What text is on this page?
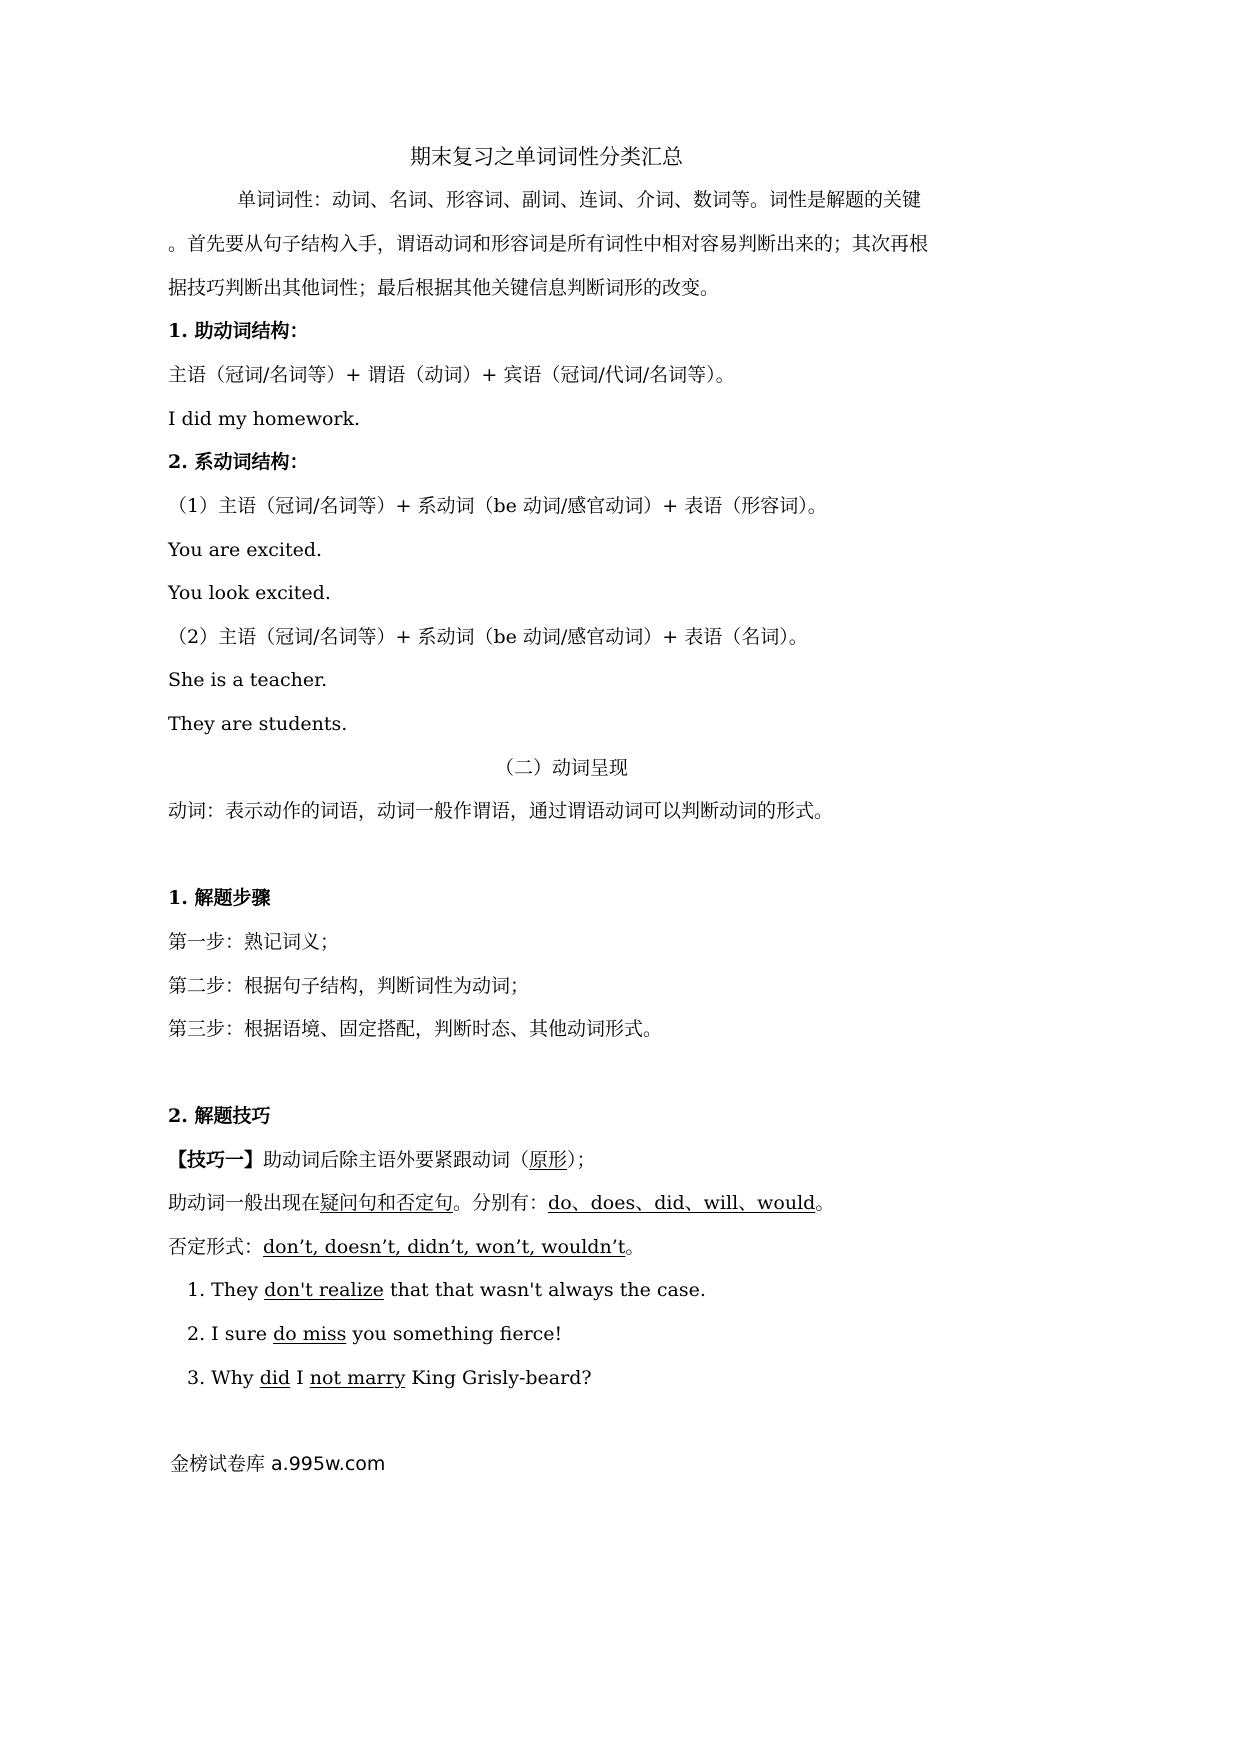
期末复习之单词词性分类汇总
单词词性：动词、名词、形容词、副词、连词、介词、数词等。词性是解题的关键
。首先要从句子结构入手，谓语动词和形容词是所有词性中相对容易判断出来的；其次再根
据技巧判断出其他词性；最后根据其他关键信息判断词形的改变。
1. 助动词结构：
主语（冠词/名词等）+ 谓语（动词）+ 宾语（冠词/代词/名词等）。
I did my homework.
2. 系动词结构：
（1）主语（冠词/名词等）+ 系动词（be 动词/感官动词）+ 表语（形容词）。
You are excited.
You look excited.
（2）主语（冠词/名词等）+ 系动词（be 动词/感官动词）+ 表语（名词）。
She is a teacher.
They are students.
（二）动词呈现
动词：表示动作的词语，动词一般作谓语，通过谓语动词可以判断动词的形式。
1. 解题步骤
第一步：熟记词义；
第二步：根据句子结构，判断词性为动词；
第三步：根据语境、固定搭配，判断时态、其他动词形式。
2. 解题技巧
【技巧一】助动词后除主语外要紧跟动词（原形）；
助动词一般出现在疑问句和否定句。分别有：do、does、did、will、would。
否定形式：don’t, doesn’t, didn’t, won’t, wouldn’t。
1. They don't realize that that wasn't always the case.
2. I sure do miss you something fierce!
3. Why did I not marry King Grisly-beard?
金榜试卷库 a.995w.com
